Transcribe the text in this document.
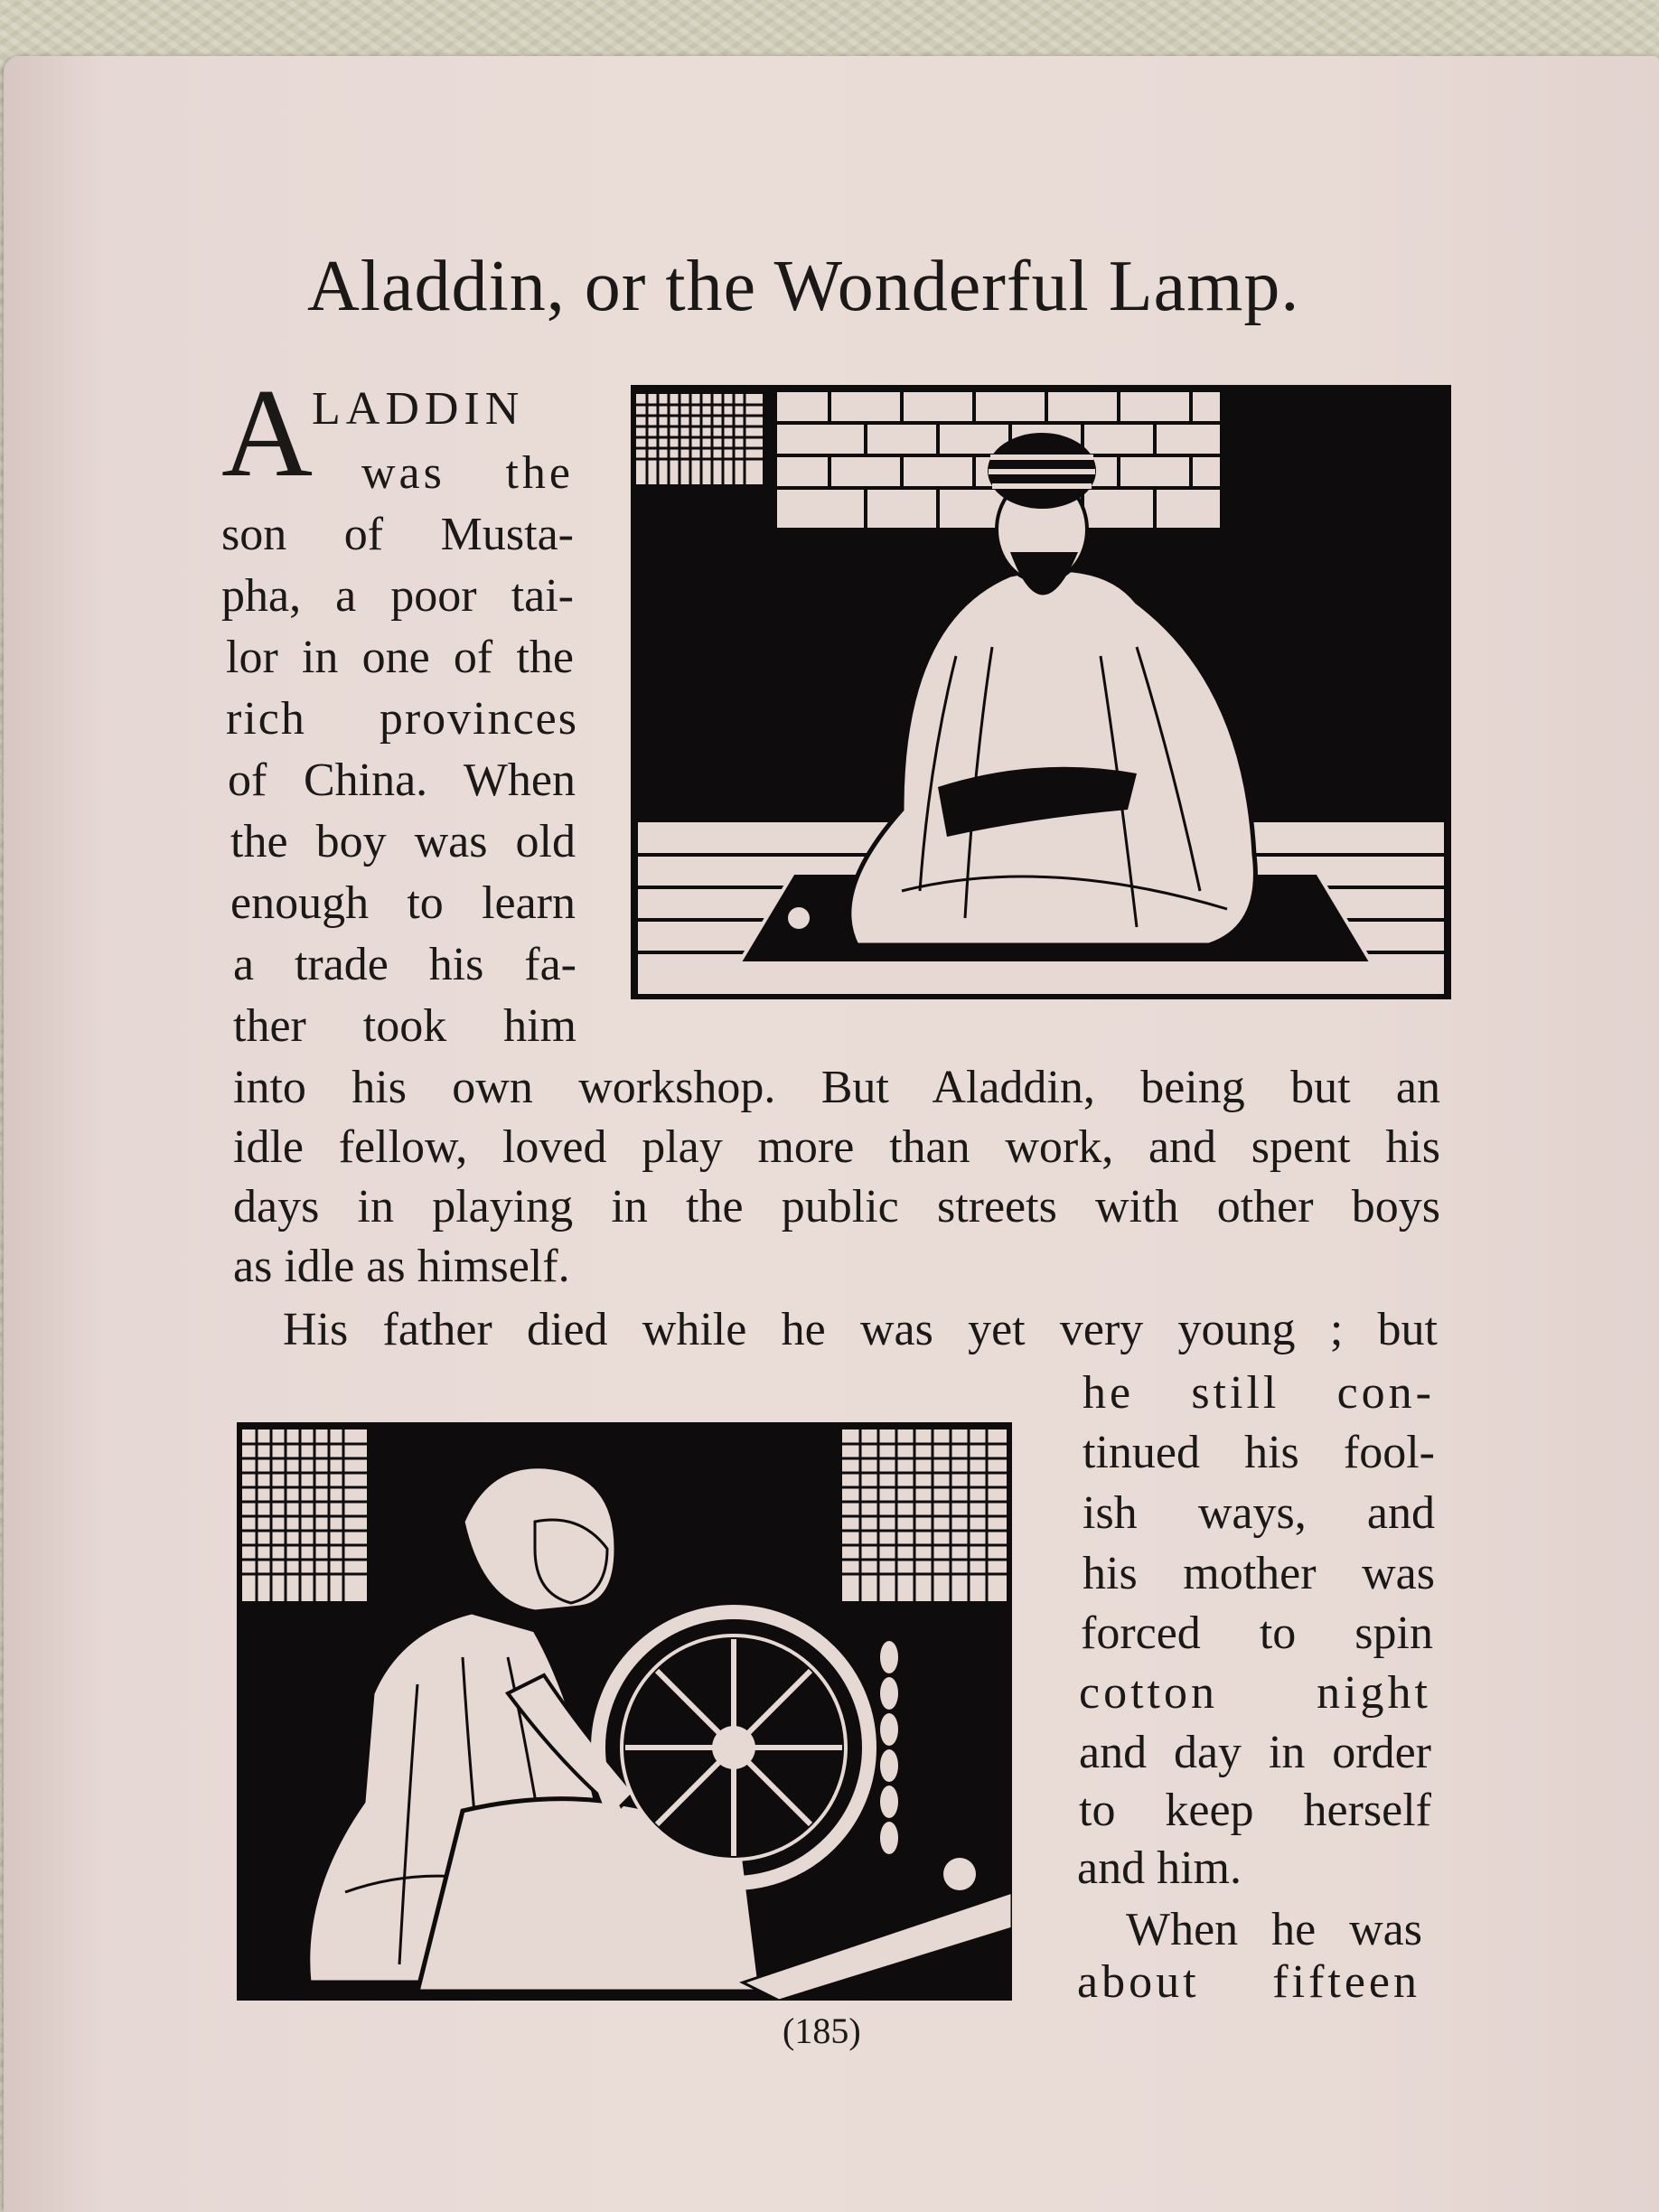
Aladdin, or the Wonderful Lamp.
A
LADDIN
was the
son of Musta-
pha, a poor tai-
lor in one of the
rich provinces
of China. When
the boy was old
enough to learn
a trade his fa-
ther took him
into his own workshop. But Aladdin, being but an
idle fellow, loved play more than work, and spent his
days in playing in the public streets with other boys
as idle as himself.
His father died while he was yet very young ; but
he still con-
tinued his fool-
ish ways, and
his mother was
forced to spin
cotton night
and day in order
to keep herself
and him.
When he was
about fifteen
(185)
